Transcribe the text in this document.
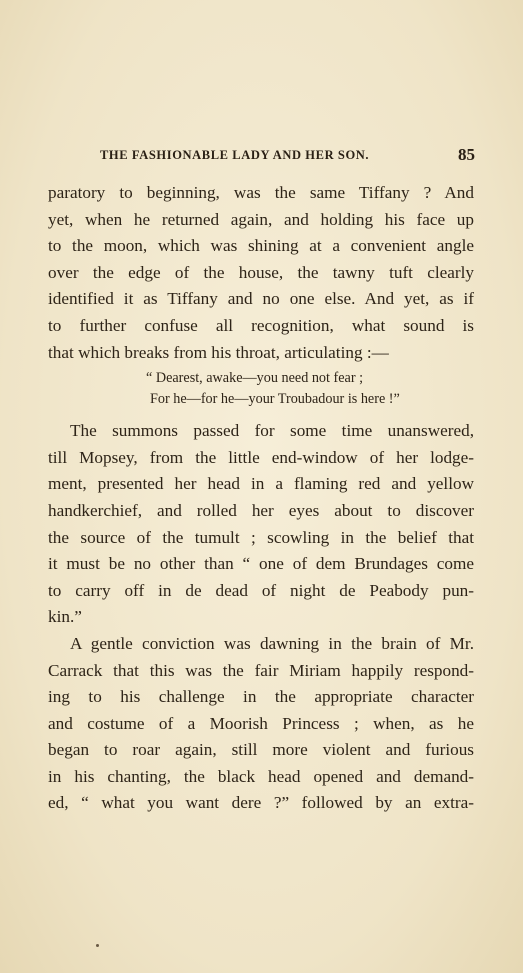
THE FASHIONABLE LADY AND HER SON.	85
paratory to beginning, was the same Tiffany ? And
yet, when he returned again, and holding his face up
to the moon, which was shining at a convenient angle
over the edge of the house, the tawny tuft clearly
identified it as Tiffany and no one else. And yet, as if
to further confuse all recognition, what sound is
that which breaks from his throat, articulating :—
“ Dearest, awake—you need not fear ;
For he—for he—your Troubadour is here !”
The summons passed for some time unanswered,
till Mopsey, from the little end-window of her lodge-
ment, presented her head in a flaming red and yellow
handkerchief, and rolled her eyes about to discover
the source of the tumult ; scowling in the belief that
it must be no other than “ one of dem Brundages come
to carry off in de dead of night de Peabody pun-
kin.”
A gentle conviction was dawning in the brain of Mr.
Carrack that this was the fair Miriam happily respond-
ing to his challenge in the appropriate character
and costume of a Moorish Princess ; when, as he
began to roar again, still more violent and furious
in his chanting, the black head opened and demand-
ed, “ what you want dere ?” followed by an extra-
